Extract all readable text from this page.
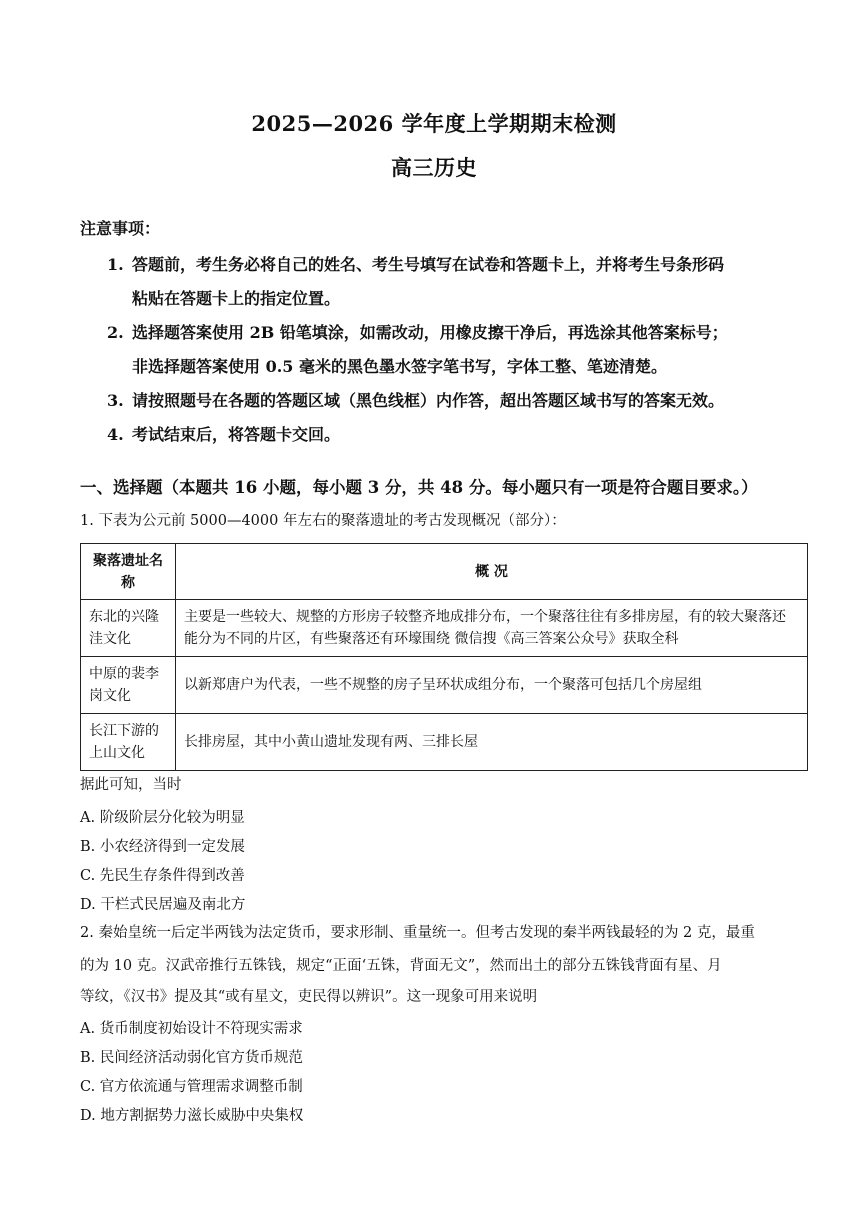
2025—2026 学年度上学期期末检测
高三历史
注意事项：
1. 答题前，考生务必将自己的姓名、考生号填写在试卷和答题卡上，并将考生号条形码
粘贴在答题卡上的指定位置。
2. 选择题答案使用 2B 铅笔填涂，如需改动，用橡皮擦干净后，再选涂其他答案标号；
非选择题答案使用 0.5 毫米的黑色墨水签字笔书写，字体工整、笔迹清楚。
3. 请按照题号在各题的答题区域（黑色线框）内作答，超出答题区域书写的答案无效。
4. 考试结束后，将答题卡交回。
一、选择题（本题共 16 小题，每小题 3 分，共 48 分。每小题只有一项是符合题目要求。）
1. 下表为公元前 5000—4000 年左右的聚落遗址的考古发现概况（部分）：
聚落遗址名称	概 况
东北的兴隆洼文化	主要是一些较大、规整的方形房子较整齐地成排分布，一个聚落往往有多排房屋，有的较大聚落还能分为不同的片区，有些聚落还有环壕围绕 微信搜《高三答案公众号》获取全科
中原的裴李岗文化	以新郑唐户为代表，一些不规整的房子呈环状成组分布，一个聚落可包括几个房屋组
长江下游的上山文化	长排房屋，其中小黄山遗址发现有两、三排长屋
据此可知，当时
A. 阶级阶层分化较为明显
B. 小农经济得到一定发展
C. 先民生存条件得到改善
D. 干栏式民居遍及南北方
2. 秦始皇统一后定半两钱为法定货币，要求形制、重量统一。但考古发现的秦半两钱最轻的为 2 克，最重
的为 10 克。汉武帝推行五铢钱，规定“正面‘五铢，背面无文”，然而出土的部分五铢钱背面有星、月
等纹，《汉书》提及其“或有星文，吏民得以辨识”。这一现象可用来说明
A. 货币制度初始设计不符现实需求
B. 民间经济活动弱化官方货币规范
C. 官方依流通与管理需求调整币制
D. 地方割据势力滋长威胁中央集权
